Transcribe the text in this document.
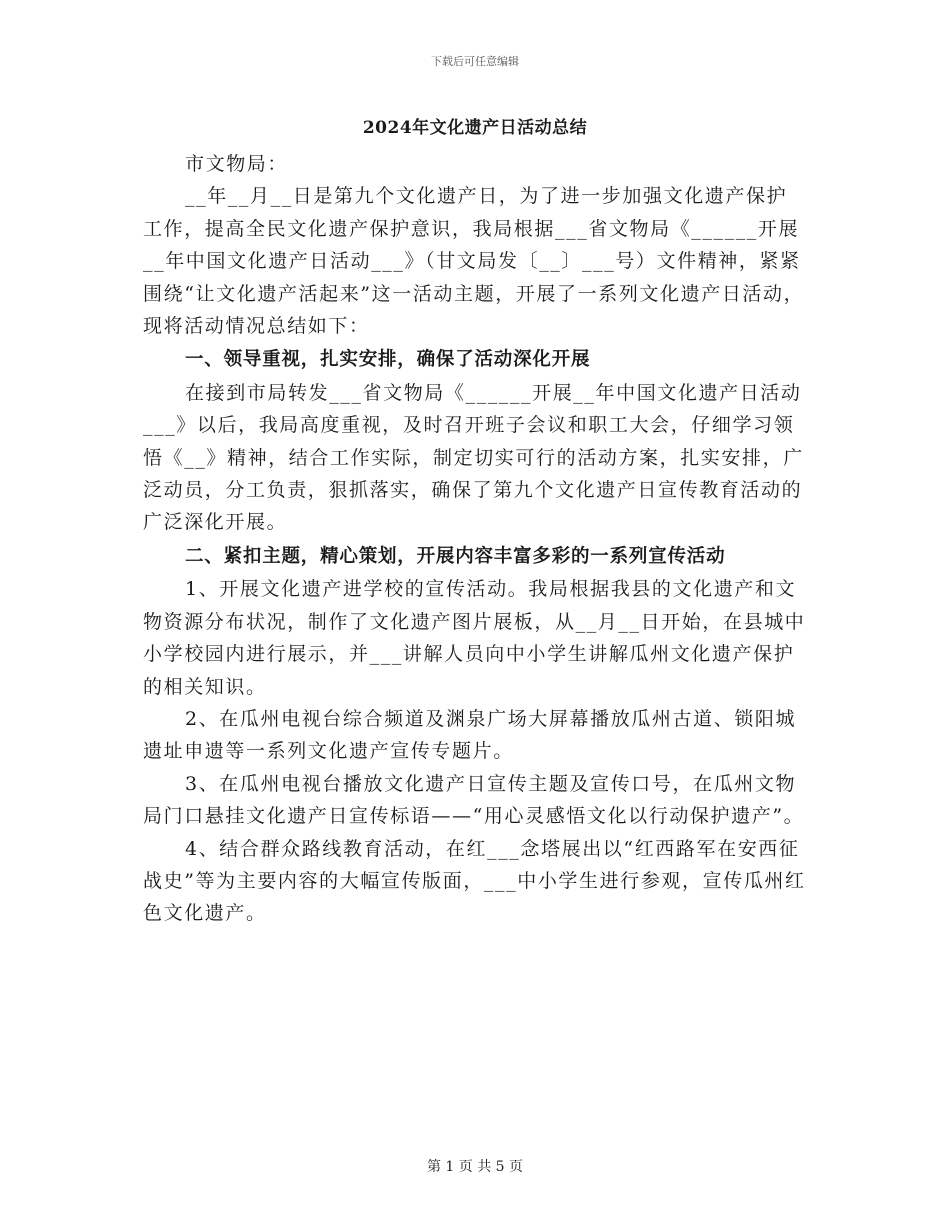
下载后可任意编辑
2024年文化遗产日活动总结

市文物局：

__年__月__日是第九个文化遗产日，为了进一步加强文化遗产保护工作，提高全民文化遗产保护意识，我局根据___省文物局《______开展__年中国文化遗产日活动___》（甘文局发〔__〕___号）文件精神，紧紧围绕“让文化遗产活起来”这一活动主题，开展了一系列文化遗产日活动，现将活动情况总结如下：

一、领导重视，扎实安排，确保了活动深化开展

在接到市局转发___省文物局《______开展__年中国文化遗产日活动___》以后，我局高度重视，及时召开班子会议和职工大会，仔细学习领悟《__》精神，结合工作实际，制定切实可行的活动方案，扎实安排，广泛动员，分工负责，狠抓落实，确保了第九个文化遗产日宣传教育活动的广泛深化开展。

二、紧扣主题，精心策划，开展内容丰富多彩的一系列宣传活动

1、开展文化遗产进学校的宣传活动。我局根据我县的文化遗产和文物资源分布状况，制作了文化遗产图片展板，从__月__日开始，在县城中小学校园内进行展示，并___讲解人员向中小学生讲解瓜州文化遗产保护的相关知识。

2、在瓜州电视台综合频道及渊泉广场大屏幕播放瓜州古道、锁阳城遗址申遗等一系列文化遗产宣传专题片。

3、在瓜州电视台播放文化遗产日宣传主题及宣传口号，在瓜州文物局门口悬挂文化遗产日宣传标语——“用心灵感悟文化以行动保护遗产”。

4、结合群众路线教育活动，在红___念塔展出以“红西路军在安西征战史”等为主要内容的大幅宣传版面，___中小学生进行参观，宣传瓜州红色文化遗产。

第 1 页 共 5 页
